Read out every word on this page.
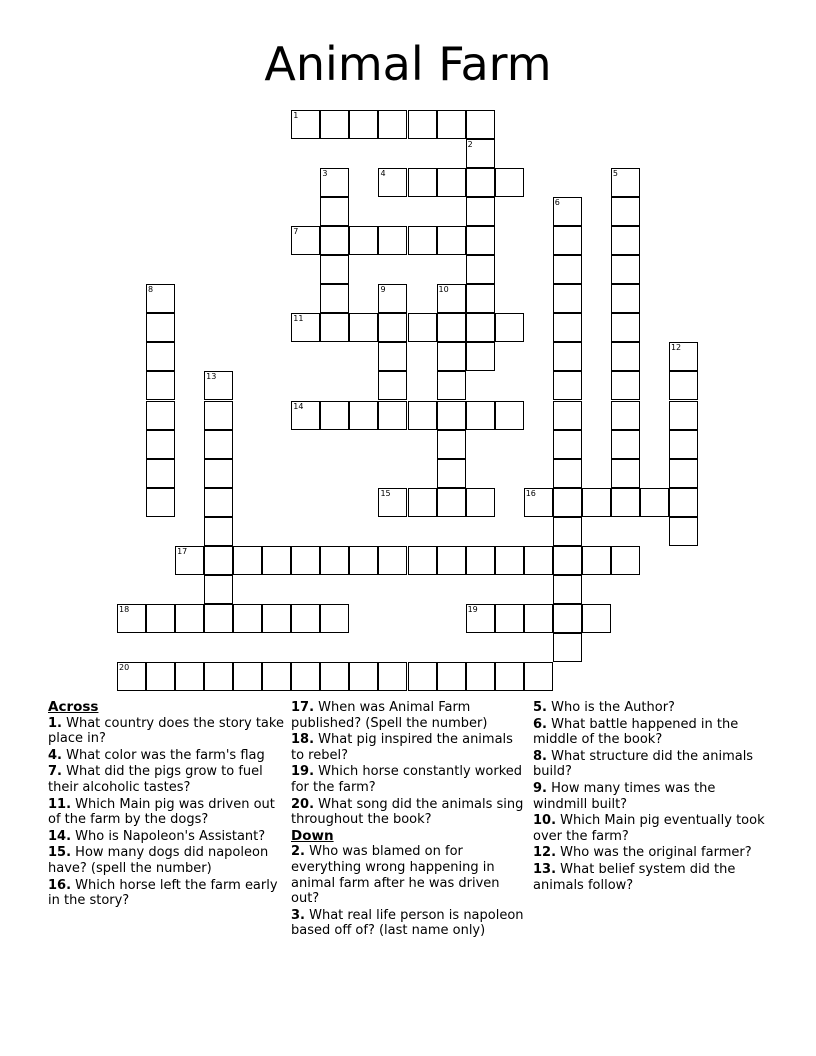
Animal Farm
1
2
3	4	5
6
7
8	9	10
11
12
13
14
15	16
17
18	19
20
Across
1. What country does the story take place in?
4. What color was the farm's flag
7. What did the pigs grow to fuel their alcoholic tastes?
11. Which Main pig was driven out of the farm by the dogs?
14. Who is Napoleon's Assistant?
15. How many dogs did napoleon have? (spell the number)
16. Which horse left the farm early in the story?
17. When was Animal Farm published? (Spell the number)
18. What pig inspired the animals to rebel?
19. Which horse constantly worked for the farm?
20. What song did the animals sing throughout the book?
Down
2. Who was blamed on for everything wrong happening in animal farm after he was driven out?
3. What real life person is napoleon based off of? (last name only)
5. Who is the Author?
6. What battle happened in the middle of the book?
8. What structure did the animals build?
9. How many times was the windmill built?
10. Which Main pig eventually took over the farm?
12. Who was the original farmer?
13. What belief system did the animals follow?
